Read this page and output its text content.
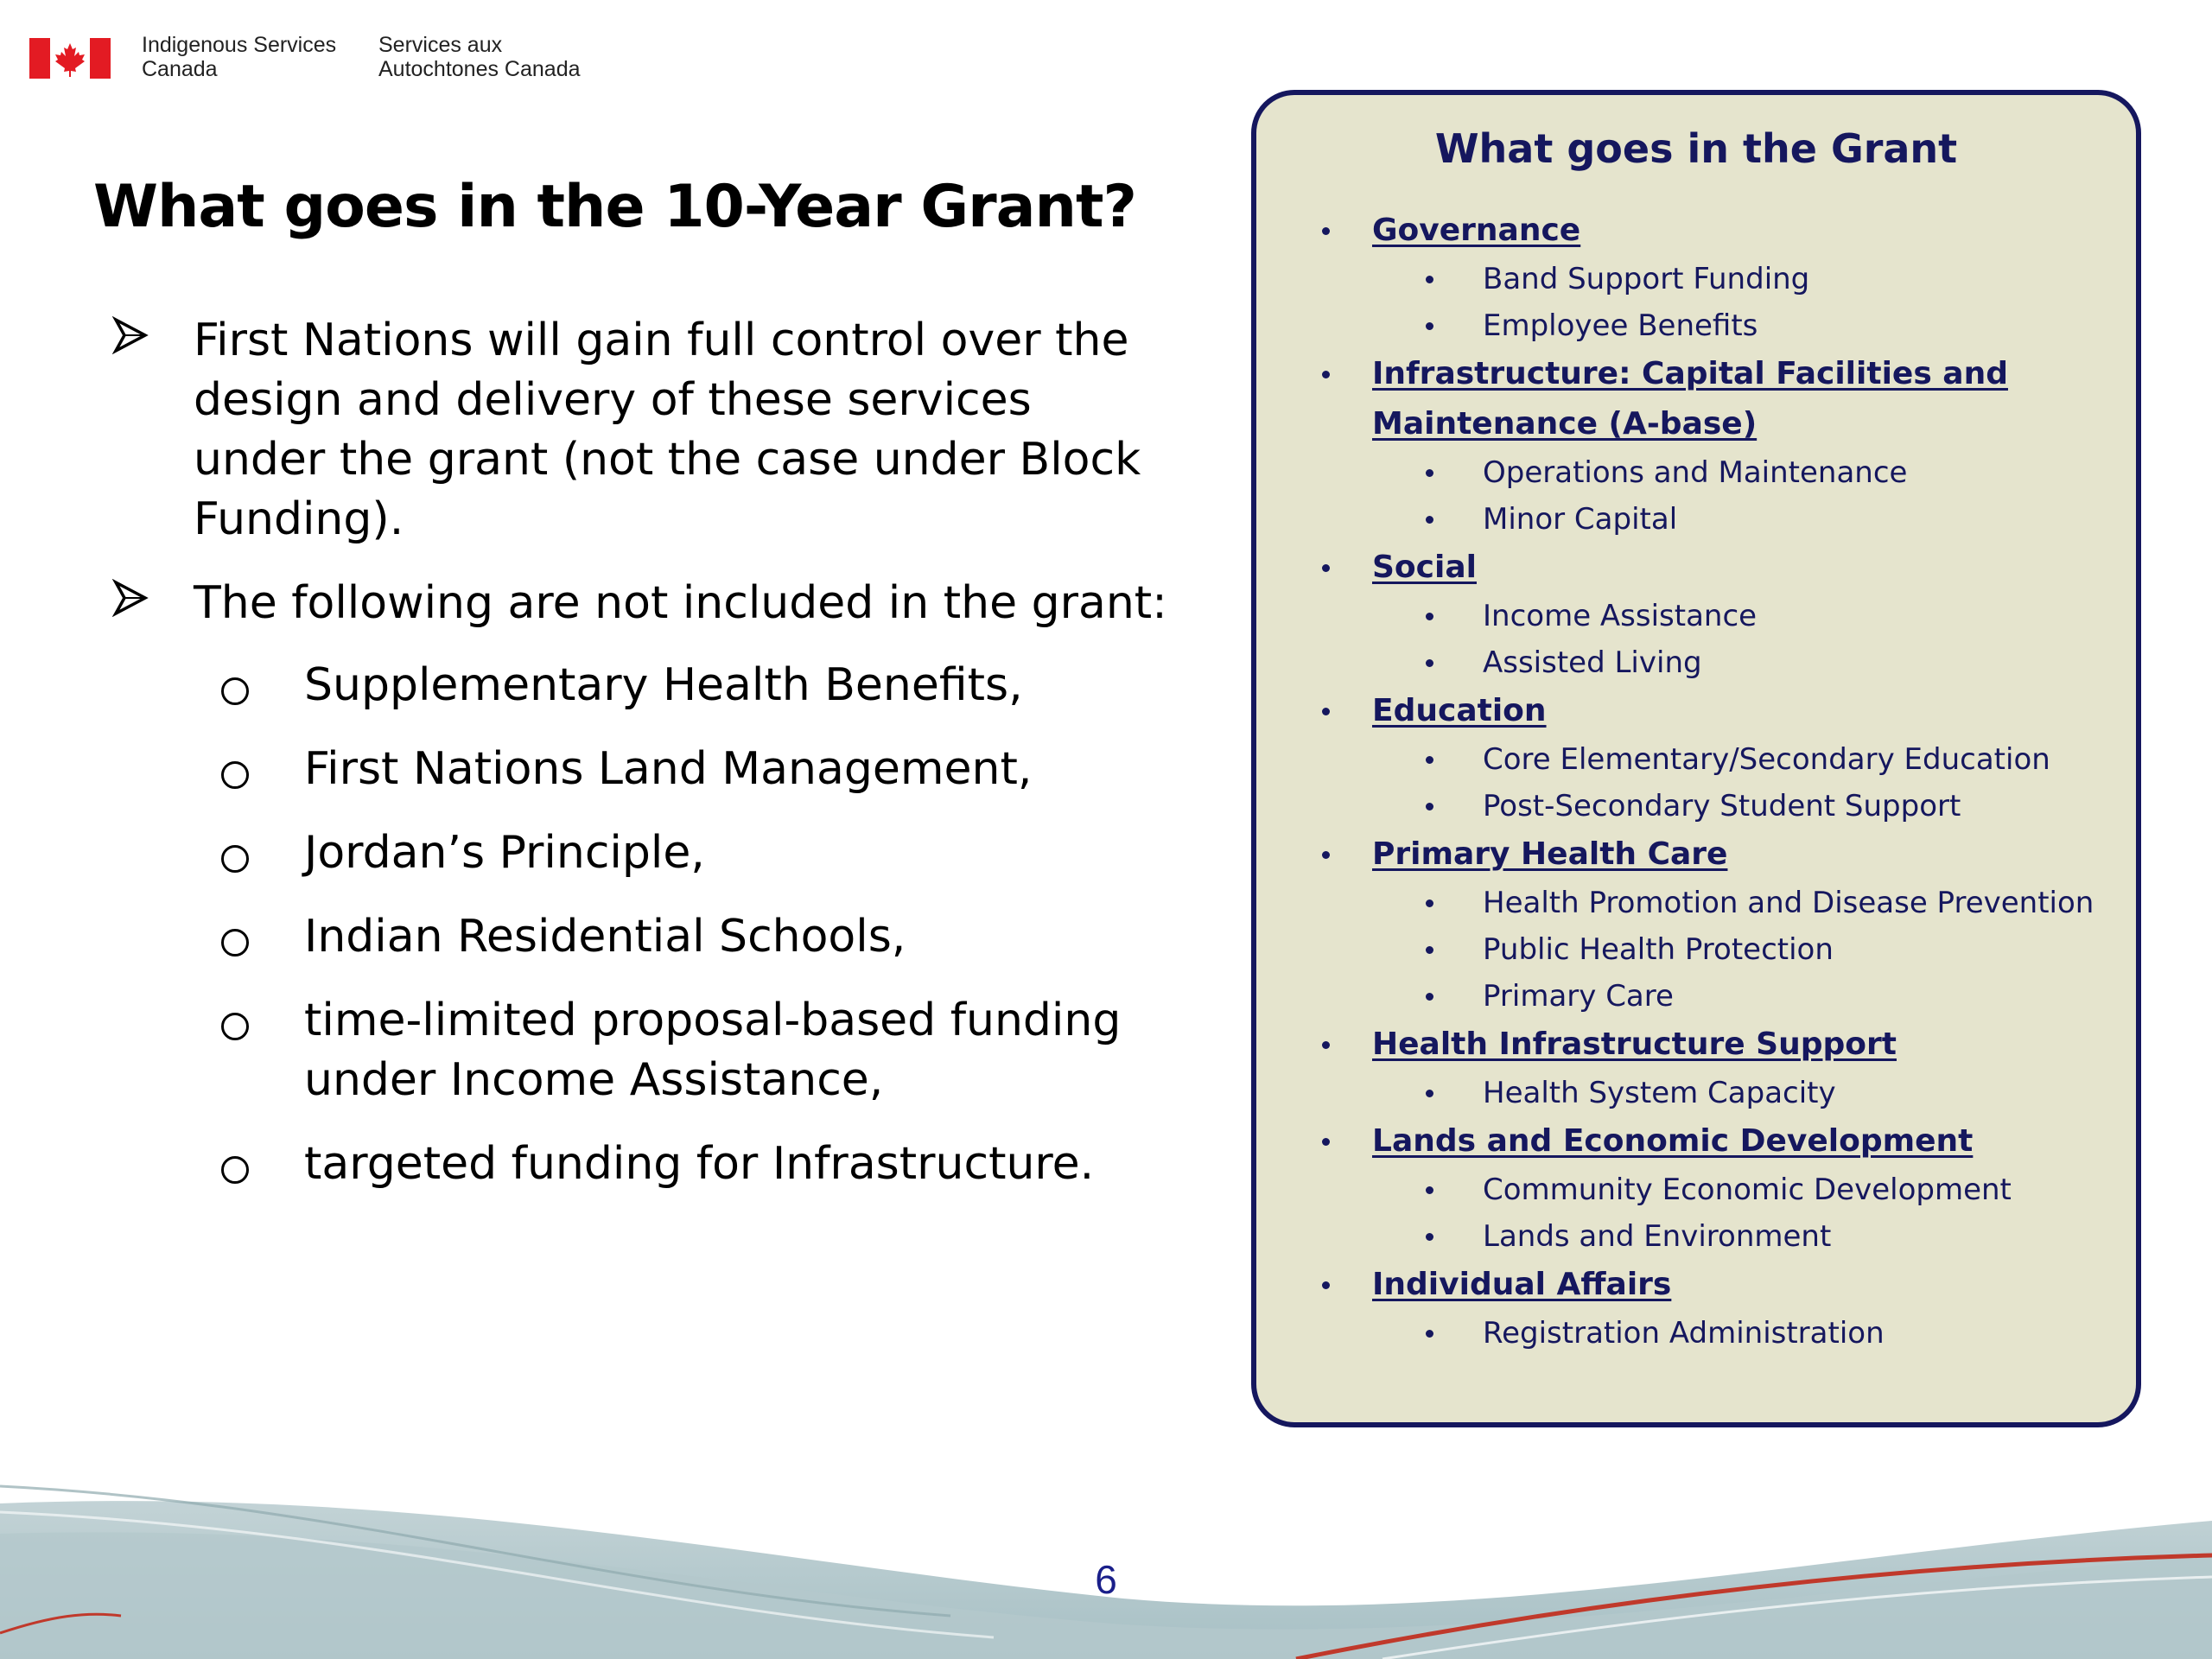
Indigenous Services
Canada
Services aux
Autochtones Canada
What goes in the 10-Year Grant?
First Nations will gain full control over the design and delivery of these services under the grant (not the case under Block Funding).
The following are not included in the grant:
Supplementary Health Benefits,
First Nations Land Management,
Jordan’s Principle,
Indian Residential Schools,
time-limited proposal-based funding under Income Assistance,
targeted funding for Infrastructure.
What goes in the Grant
Governance
Band Support Funding
Employee Benefits
Infrastructure: Capital Facilities and Maintenance (A-base)
Operations and Maintenance
Minor Capital
Social
Income Assistance
Assisted Living
Education
Core Elementary/Secondary Education
Post-Secondary Student Support
Primary Health Care
Health Promotion and Disease Prevention
Public Health Protection
Primary Care
Health Infrastructure Support
Health System Capacity
Lands and Economic Development
Community Economic Development
Lands and Environment
Individual Affairs
Registration Administration
6
